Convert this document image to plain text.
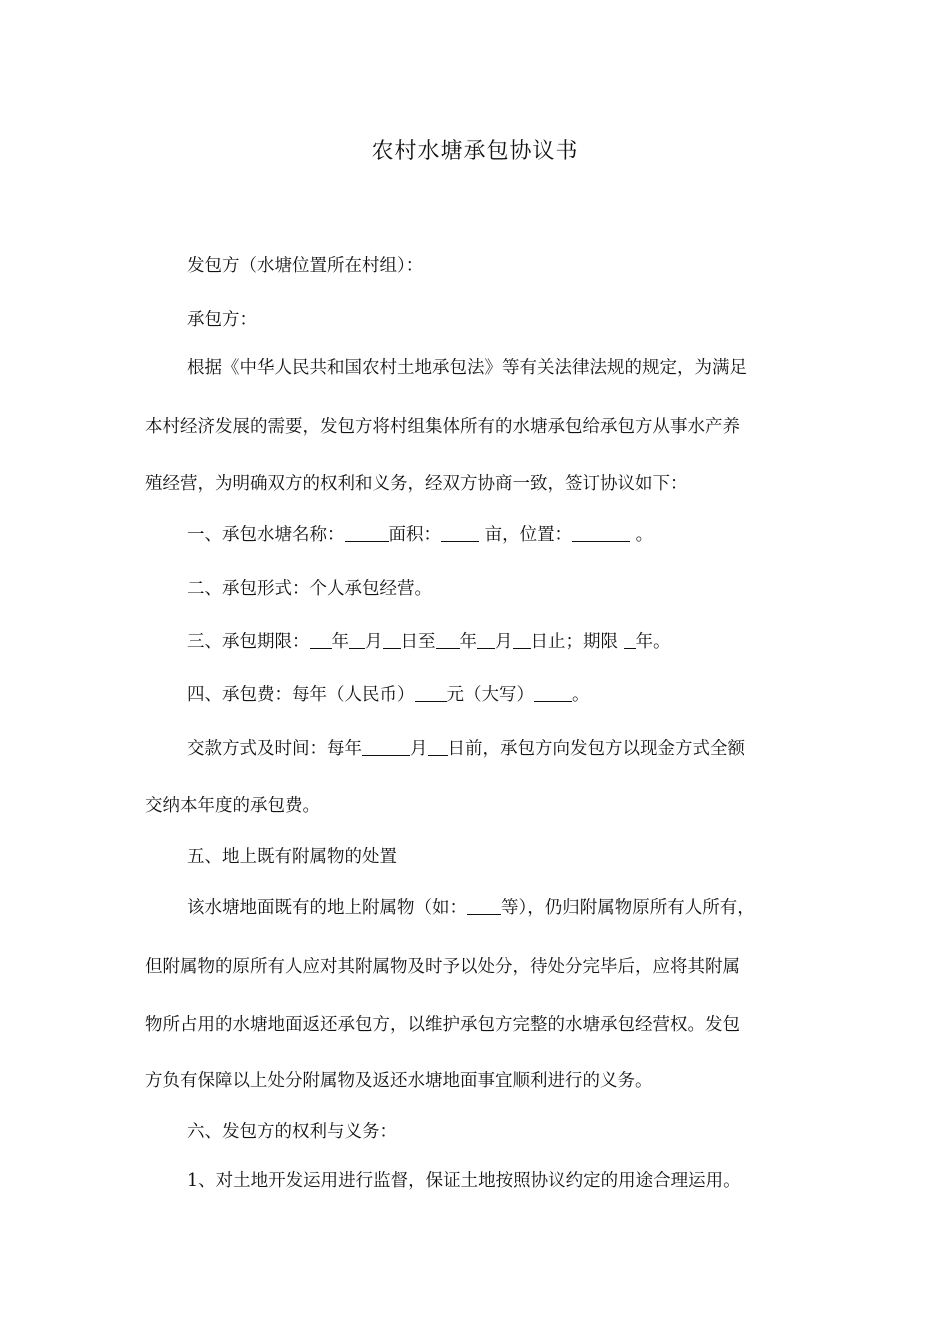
农村水塘承包协议书
发包方（水塘位置所在村组）：
承包方：
根据《中华人民共和国农村土地承包法》等有关法律法规的规定，为满足
本村经济发展的需要，发包方将村组集体所有的水塘承包给承包方从事水产养
殖经营，为明确双方的权利和义务，经双方协商一致，签订协议如下：
一、承包水塘名称：	面积： 亩，位置：	。
二、承包形式：个人承包经营。
三、承包期限： 年 月 日至 年 月 日止；期限 年。
四、承包费：每年（人民币） 元（大写） 。
交款方式及时间：每年	月 日前，承包方向发包方以现金方式全额
交纳本年度的承包费。
五、地上既有附属物的处置
该水塘地面既有的地上附属物（如： 等），仍归附属物原所有人所有，
但附属物的原所有人应对其附属物及时予以处分，待处分完毕后，应将其附属
物所占用的水塘地面返还承包方，以维护承包方完整的水塘承包经营权。发包
方负有保障以上处分附属物及返还水塘地面事宜顺利进行的义务。
六、发包方的权利与义务：
1、对土地开发运用进行监督，保证土地按照协议约定的用途合理运用。
